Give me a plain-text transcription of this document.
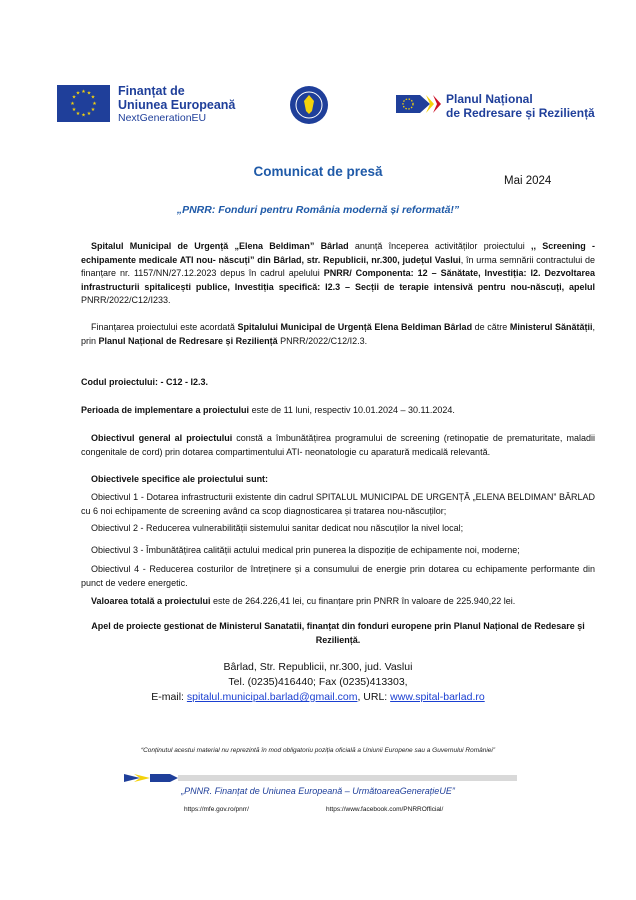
★ ★
★
★
★
★
★
★
★
★
★
★	Finanțat de
Uniunea Europeană
NextGenerationEU
Planul Național
de Redresare și Reziliență
Comunicat de presă
Mai 2024
„PNRR: Fonduri pentru România modernă și reformată!”
Spitalul Municipal de Urgență „Elena Beldiman” Bârlad anunță începerea activităților proiectului ,, Screening -echipamente medicale ATI nou- născuți” din Bârlad, str. Republicii, nr.300, județul Vaslui, în urma semnării contractului de finanțare nr. 1157/NN/27.12.2023 depus în cadrul apelului PNRR/ Componenta: 12 – Sănătate, Investiția: I2. Dezvoltarea infrastructurii spitalicești publice, Investiția specifică: I2.3 – Secții de terapie intensivă pentru nou-născuți, apelul PNRR/2022/C12/I233.
Finanțarea proiectului este acordată Spitalului Municipal de Urgență Elena Beldiman Bârlad de către Ministerul Sănătății, prin Planul Național de Redresare și Reziliență PNRR/2022/C12/I2.3.
Codul proiectului: - C12 - I2.3.
Perioada de implementare a proiectului este de 11 luni, respectiv 10.01.2024 – 30.11.2024.
Obiectivul general al proiectului constă a îmbunătățirea programului de screening (retinopatie de prematuritate, maladii congenitale de cord) prin dotarea compartimentului ATI- neonatologie cu aparatură medicală relevantă.
Obiectivele specifice ale proiectului sunt:
Obiectivul 1 - Dotarea infrastructurii existente din cadrul SPITALUL MUNICIPAL DE URGENȚĂ „ELENA BELDIMAN” BÂRLAD cu 6 noi echipamente de screening având ca scop diagnosticarea și tratarea nou-născuților;
Obiectivul 2 - Reducerea vulnerabilității sistemului sanitar dedicat nou născuților la nivel local;
Obiectivul 3 - Îmbunătățirea calității actului medical prin punerea la dispoziție de echipamente noi, moderne;
Obiectivul 4 - Reducerea costurilor de întreținere și a consumului de energie prin dotarea cu echipamente performante din punct de vedere energetic.
Valoarea totală a proiectului este de 264.226,41 lei, cu finanțare prin PNRR în valoare de 225.940,22 lei.
Apel de proiecte gestionat de Ministerul Sanatatii, finanțat din fonduri europene prin Planul Național de Redesare și Reziliență.
Bârlad, Str. Republicii, nr.300, jud. Vaslui
Tel. (0235)416440; Fax (0235)413303,
E-mail: spitalul.municipal.barlad@gmail.com, URL: www.spital-barlad.ro
“Conținutul acestui material nu reprezintă în mod obligatoriu poziția oficială a Uniunii Europene sau a Guvernului României”
„PNNR. Finanțat de Uniunea Europeană – UrmătoareaGenerațieUE”
https://mfe.gov.ro/pnrr/	https://www.facebook.com/PNRROfficial/
